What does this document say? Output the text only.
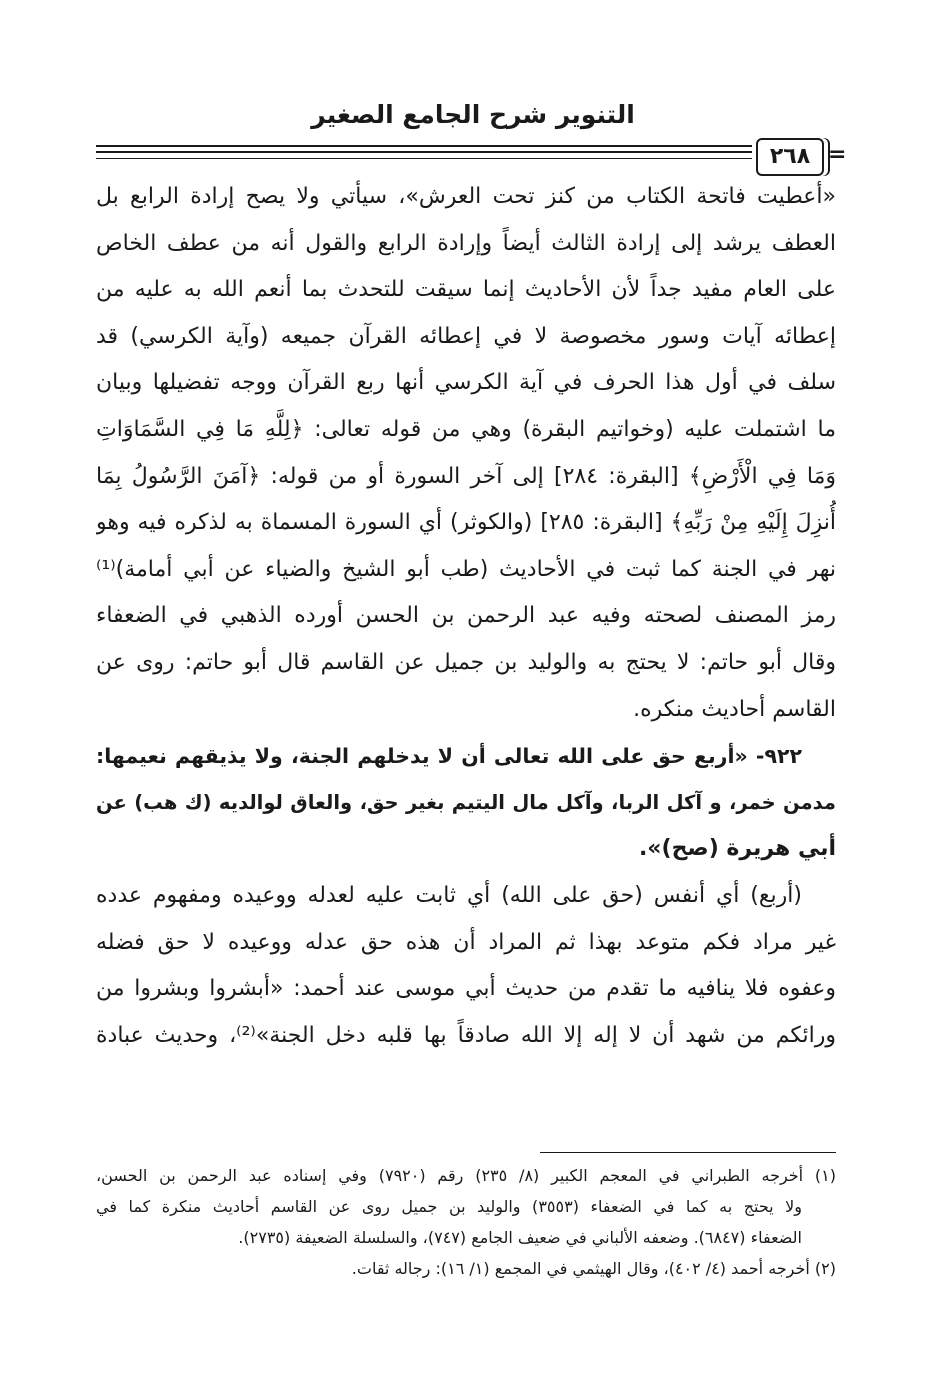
التنوير شرح الجامع الصغير
٢٦٨ =
«أعطيت فاتحة الكتاب من كنز تحت العرش»، سيأتي ولا يصح إرادة الرابع بل
العطف يرشد إلى إرادة الثالث أيضاً وإرادة الرابع والقول أنه من عطف الخاص
على العام مفيد جداً لأن الأحاديث إنما سيقت للتحدث بما أنعم الله به عليه من
إعطائه آيات وسور مخصوصة لا في إعطائه القرآن جميعه (وآية الكرسي) قد
سلف في أول هذا الحرف في آية الكرسي أنها ربع القرآن ووجه تفضيلها وبيان
ما اشتملت عليه (وخواتيم البقرة) وهي من قوله تعالى: ﴿لِلَّهِ مَا فِي السَّمَاوَاتِ
وَمَا فِي الْأَرْضِ﴾ [البقرة: ٢٨٤] إلى آخر السورة أو من قوله: ﴿آمَنَ الرَّسُولُ بِمَا
أُنزِلَ إِلَيْهِ مِنْ رَبِّهِ﴾ [البقرة: ٢٨٥] (والكوثر) أي السورة المسماة به لذكره فيه وهو
نهر في الجنة كما ثبت في الأحاديث (طب أبو الشيخ والضياء عن أبي أمامة)⁽¹⁾
رمز المصنف لصحته وفيه عبد الرحمن بن الحسن أورده الذهبي في الضعفاء
وقال أبو حاتم: لا يحتج به والوليد بن جميل عن القاسم قال أبو حاتم: روى عن
القاسم أحاديث منكره.
٩٢٢- «أربع حق على الله تعالى أن لا يدخلهم الجنة، ولا يذيقهم نعيمها:
مدمن خمر، و آكل الربا، وآكل مال اليتيم بغير حق، والعاق لوالديه (ك هب) عن
أبي هريرة (صح)».
(أربع) أي أنفس (حق على الله) أي ثابت عليه لعدله ووعيده ومفهوم عدده
غير مراد فكم متوعد بهذا ثم المراد أن هذه حق عدله ووعيده لا حق فضله
وعفوه فلا ينافيه ما تقدم من حديث أبي موسى عند أحمد: «أبشروا وبشروا من
ورائكم من شهد أن لا إله إلا الله صادقاً بها قلبه دخل الجنة»⁽²⁾، وحديث عبادة
(١) أخرجه الطبراني في المعجم الكبير (٨/ ٢٣٥) رقم (٧٩٢٠) وفي إسناده عبد الرحمن بن الحسن،
ولا يحتج به كما في الضعفاء (٣٥٥٣) والوليد بن جميل روى عن القاسم أحاديث منكرة كما في
الضعفاء (٦٨٤٧). وضعفه الألباني في ضعيف الجامع (٧٤٧)، والسلسلة الضعيفة (٢٧٣٥).
(٢) أخرجه أحمد (٤/ ٤٠٢)، وقال الهيثمي في المجمع (١/ ١٦): رجاله ثقات.
